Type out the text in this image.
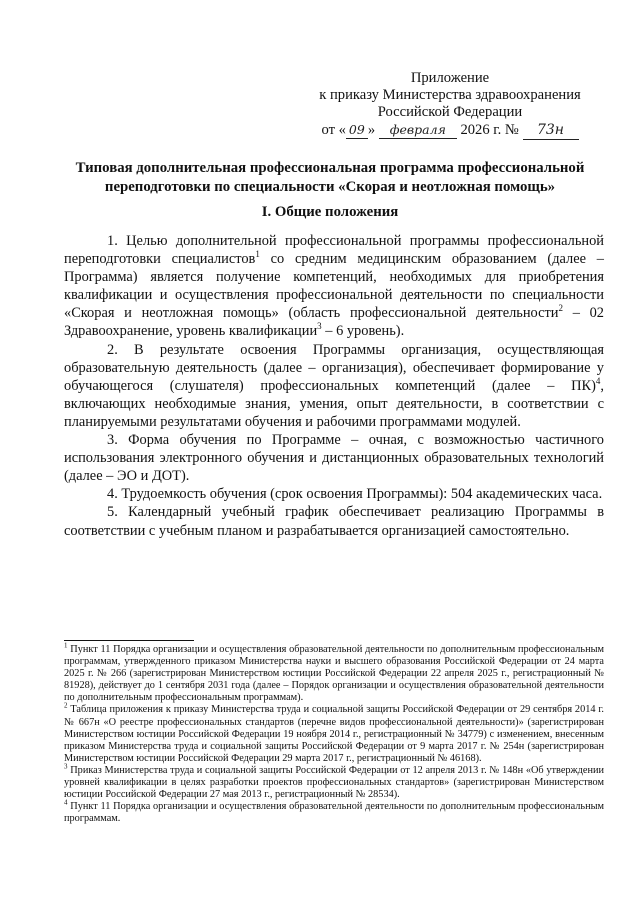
Приложение
к приказу Министерства здравоохранения
Российской Федерации
от « 09 »
	февраля
2026 г. №
	73н
Типовая дополнительная профессиональная программа профессиональной переподготовки по специальности «Скорая и неотложная помощь»
I. Общие положения

1. Целью дополнительной профессиональной программы профессиональной переподготовки специалистов$^1$ со средним медицинским образованием (далее – Программа) является получение компетенций, необходимых для приобретения квалификации и осуществления профессиональной деятельности по специальности «Скорая и неотложная помощь» (область профессиональной деятельности$^2$ – 02 Здравоохранение, уровень квалификации$^3$ – 6 уровень).

2. В результате освоения Программы организация, осуществляющая образовательную деятельность (далее – организация), обеспечивает формирование у обучающегося (слушателя) профессиональных компетенций (далее – ПК)$^4$, включающих необходимые знания, умения, опыт деятельности, в соответствии с планируемыми результатами обучения и рабочими программами модулей.

3. Форма обучения по Программе – очная, с возможностью частичного использования электронного обучения и дистанционных образовательных технологий (далее – ЭО и ДОТ).

4. Трудоемкость обучения (срок освоения Программы): 504 академических часа.

5. Календарный учебный график обеспечивает реализацию Программы в соответствии с учебным планом и разрабатывается организацией самостоятельно.

$^1$ Пункт 11 Порядка организации и осуществления образовательной деятельности по дополнительным профессиональным программам, утвержденного приказом Министерства науки и высшего образования Российской Федерации от 24 марта 2025 г. № 266 (зарегистрирован Министерством юстиции Российской Федерации 22 апреля 2025 г., регистрационный № 81928), действует до 1 сентября 2031 года (далее – Порядок организации и осуществления образовательной деятельности по дополнительным профессиональным программам).

$^2$ Таблица приложения к приказу Министерства труда и социальной защиты Российской Федерации от 29 сентября 2014 г. № 667н «О реестре профессиональных стандартов (перечне видов профессиональной деятельности)» (зарегистрирован Министерством юстиции Российской Федерации 19 ноября 2014 г., регистрационный № 34779) с изменением, внесенным приказом Министерства труда и социальной защиты Российской Федерации от 9 марта 2017 г. № 254н (зарегистрирован Министерством юстиции Российской Федерации 29 марта 2017 г., регистрационный № 46168).

$^3$ Приказ Министерства труда и социальной защиты Российской Федерации от 12 апреля 2013 г. № 148н «Об утверждении уровней квалификации в целях разработки проектов профессиональных стандартов» (зарегистрирован Министерством юстиции Российской Федерации 27 мая 2013 г., регистрационный № 28534).

$^4$ Пункт 11 Порядка организации и осуществления образовательной деятельности по дополнительным профессиональным программам.
